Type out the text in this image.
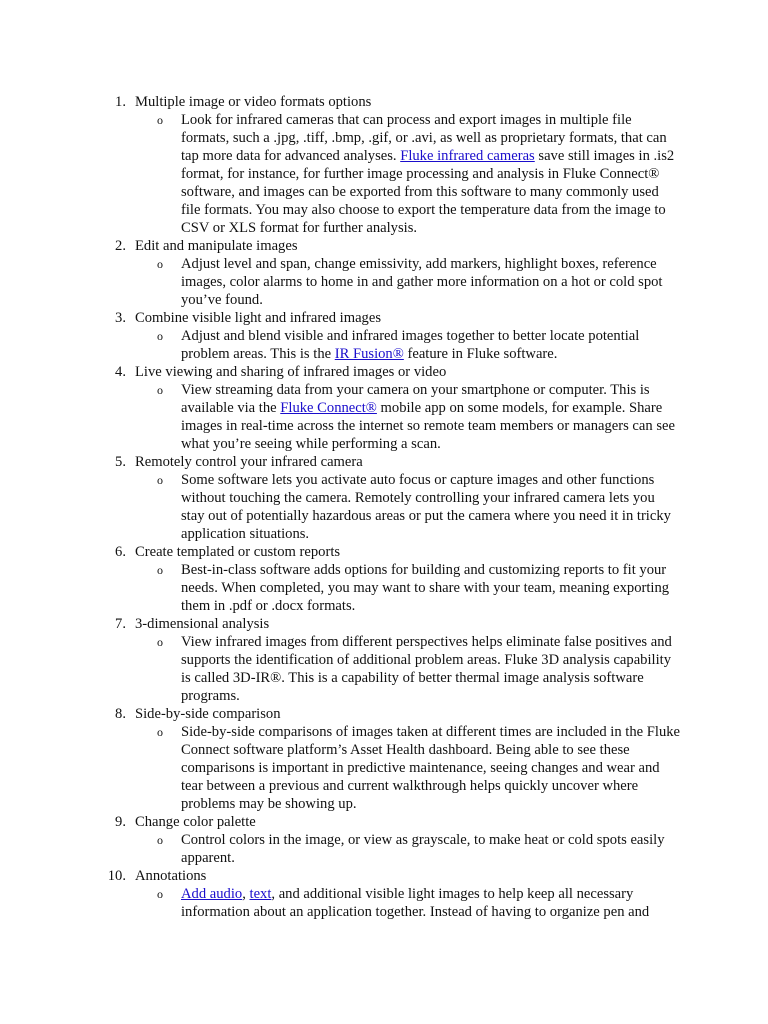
1. Multiple image or video formats options
o Look for infrared cameras that can process and export images in multiple file formats, such a .jpg, .tiff, .bmp, .gif, or .avi, as well as proprietary formats, that can tap more data for advanced analyses. Fluke infrared cameras save still images in .is2 format, for instance, for further image processing and analysis in Fluke Connect® software, and images can be exported from this software to many commonly used file formats. You may also choose to export the temperature data from the image to CSV or XLS format for further analysis.
2. Edit and manipulate images
o Adjust level and span, change emissivity, add markers, highlight boxes, reference images, color alarms to home in and gather more information on a hot or cold spot you’ve found.
3. Combine visible light and infrared images
o Adjust and blend visible and infrared images together to better locate potential problem areas. This is the IR Fusion® feature in Fluke software.
4. Live viewing and sharing of infrared images or video
o View streaming data from your camera on your smartphone or computer. This is available via the Fluke Connect® mobile app on some models, for example. Share images in real-time across the internet so remote team members or managers can see what you’re seeing while performing a scan.
5. Remotely control your infrared camera
o Some software lets you activate auto focus or capture images and other functions without touching the camera. Remotely controlling your infrared camera lets you stay out of potentially hazardous areas or put the camera where you need it in tricky application situations.
6. Create templated or custom reports
o Best-in-class software adds options for building and customizing reports to fit your needs. When completed, you may want to share with your team, meaning exporting them in .pdf or .docx formats.
7. 3-dimensional analysis
o View infrared images from different perspectives helps eliminate false positives and supports the identification of additional problem areas. Fluke 3D analysis capability is called 3D-IR®. This is a capability of better thermal image analysis software programs.
8. Side-by-side comparison
o Side-by-side comparisons of images taken at different times are included in the Fluke Connect software platform’s Asset Health dashboard. Being able to see these comparisons is important in predictive maintenance, seeing changes and wear and tear between a previous and current walkthrough helps quickly uncover where problems may be showing up.
9. Change color palette
o Control colors in the image, or view as grayscale, to make heat or cold spots easily apparent.
10. Annotations
o Add audio, text, and additional visible light images to help keep all necessary information about an application together. Instead of having to organize pen and
